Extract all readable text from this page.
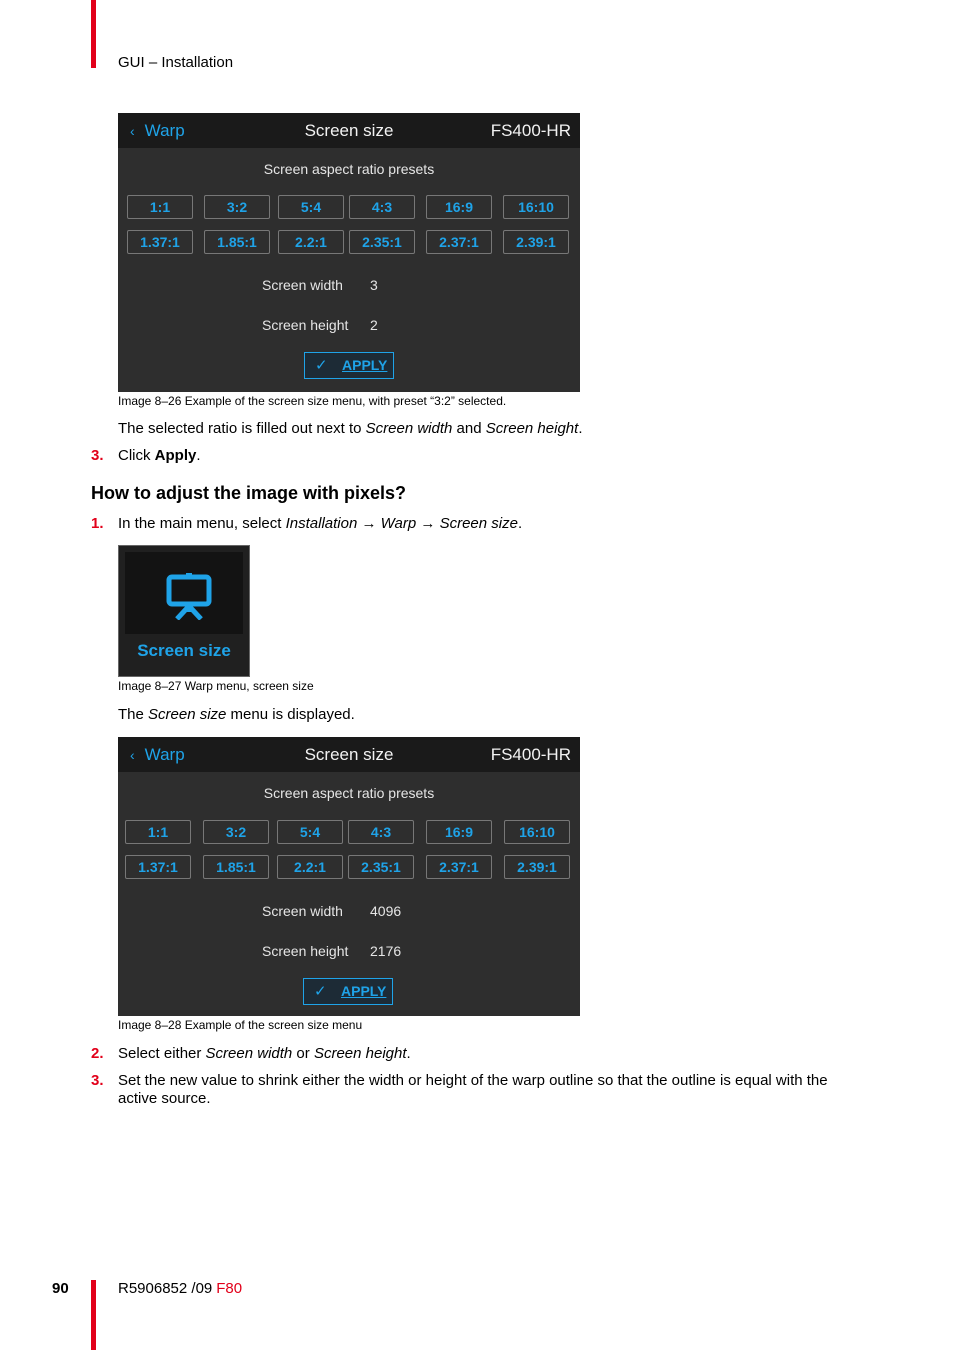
GUI – Installation
‹ Warp	Screen size	FS400-HR
Screen aspect ratio presets
1:1	3:2	5:4	4:3	16:9	16:10
1.37:1	1.85:1	2.2:1	2.35:1	2.37:1	2.39:1
Screen width 3
Screen height 2
✓ APPLY
Image 8–26 Example of the screen size menu, with preset “3:2” selected.
The selected ratio is filled out next to Screen width and Screen height.
3. Click Apply.
How to adjust the image with pixels?
1. In the main menu, select Installation → Warp → Screen size.
Screen size
Image 8–27 Warp menu, screen size
The Screen size menu is displayed.
‹ Warp	Screen size	FS400-HR
Screen aspect ratio presets
1:1	3:2	5:4	4:3	16:9	16:10
1.37:1	1.85:1	2.2:1	2.35:1	2.37:1	2.39:1
Screen width 4096
Screen height 2176
✓ APPLY
Image 8–28 Example of the screen size menu
2. Select either Screen width or Screen height.
3. Set the new value to shrink either the width or height of the warp outline so that the outline is equal with the active source.
90	R5906852 /09 F80
